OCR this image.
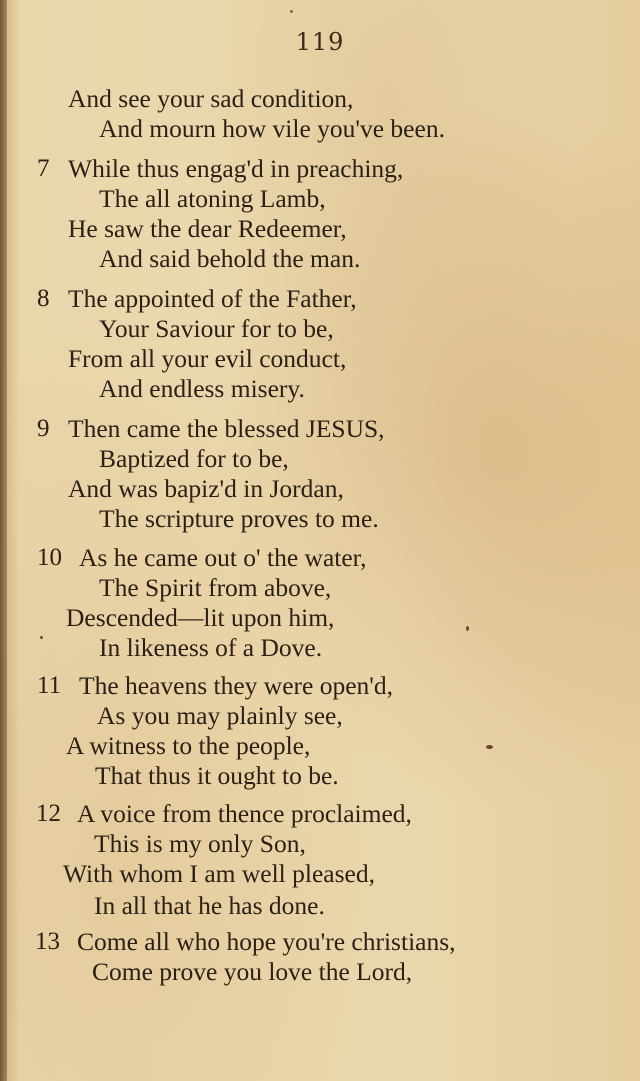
119
And see your sad condition,
And mourn how vile you've been.
7 While thus engag'd in preaching,
The all atoning Lamb,
He saw the dear Redeemer,
And said behold the man.
8 The appointed of the Father,
Your Saviour for to be,
From all your evil conduct,
And endless misery.
9 Then came the blessed JESUS,
Baptized for to be,
And was bapiz'd in Jordan,
The scripture proves to me.
10 As he came out o' the water,
The Spirit from above,
Descended—lit upon him,
In likeness of a Dove.
11 The heavens they were open'd,
As you may plainly see,
A witness to the people,
That thus it ought to be.
12 A voice from thence proclaimed,
This is my only Son,
With whom I am well pleased,
In all that he has done.
13 Come all who hope you're christians,
Come prove you love the Lord,
